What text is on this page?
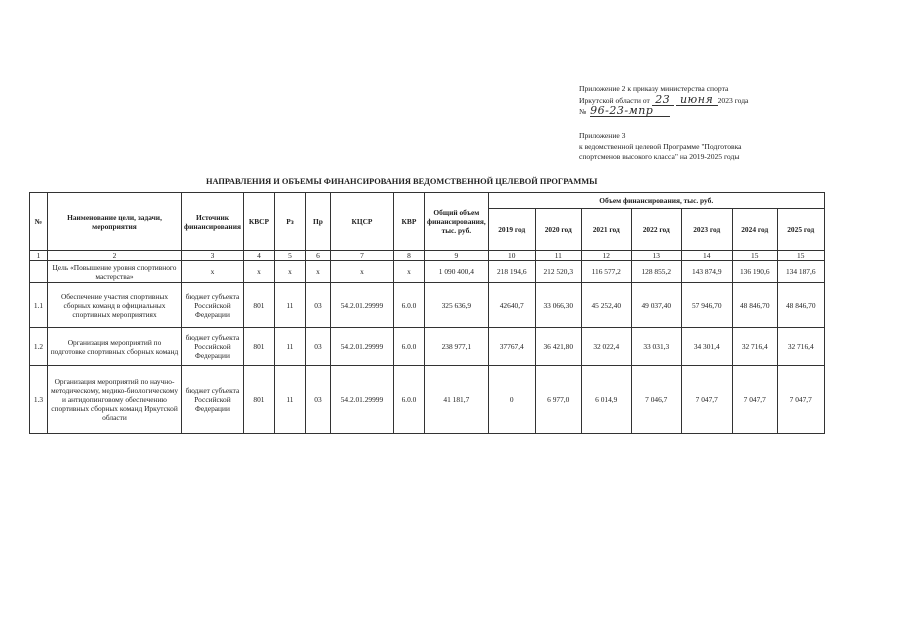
Приложение 2 к приказу министерства спорта
Иркутской области от 23 июня 2023 года
№ 96-23-мпр
Приложение 3
к ведомственной целевой Программе "Подготовка
спортсменов высокого класса" на 2019-2025 годы
НАПРАВЛЕНИЯ И ОБЪЕМЫ ФИНАНСИРОВАНИЯ ВЕДОМСТВЕННОЙ ЦЕЛЕВОЙ ПРОГРАММЫ
№	Наименование цели, задачи, мероприятия	Источник финансирования	КВСР	Рз	Пр	КЦСР	КВР	Общий объем финансирования, тыс. руб.	Объем финансирования, тыс. руб.						
									2019 год	2020 год	2021 год	2022 год	2023 год	2024 год	2025 год
1	2	3	4	5	6	7	8	9	10	11	12	13	14	15	15
	Цель «Повышение уровня спортивного мастерства»	x	x	x	x	x	x	1 090 400,4	218 194,6	212 520,3	116 577,2	128 855,2	143 874,9	136 190,6	134 187,6
1.1	Обеспечение участия спортивных сборных команд в официальных спортивных мероприятиях	бюджет субъекта Российской Федерации	801	11	03	54.2.01.29999	6.0.0	325 636,9	42640,7	33 066,30	45 252,40	49 037,40	57 946,70	48 846,70	48 846,70
1.2	Организация мероприятий по подготовке спортивных сборных команд	бюджет субъекта Российской Федерации	801	11	03	54.2.01.29999	6.0.0	238 977,1	37767,4	36 421,80	32 022,4	33 031,3	34 301,4	32 716,4	32 716,4
1.3	Организация мероприятий по научно-методическому, медико-биологическому и антидопинговому обеспечению спортивных сборных команд Иркутской области	бюджет субъекта Российской Федерации	801	11	03	54.2.01.29999	6.0.0	41 181,7	0	6 977,0	6 014,9	7 046,7	7 047,7	7 047,7	7 047,7
